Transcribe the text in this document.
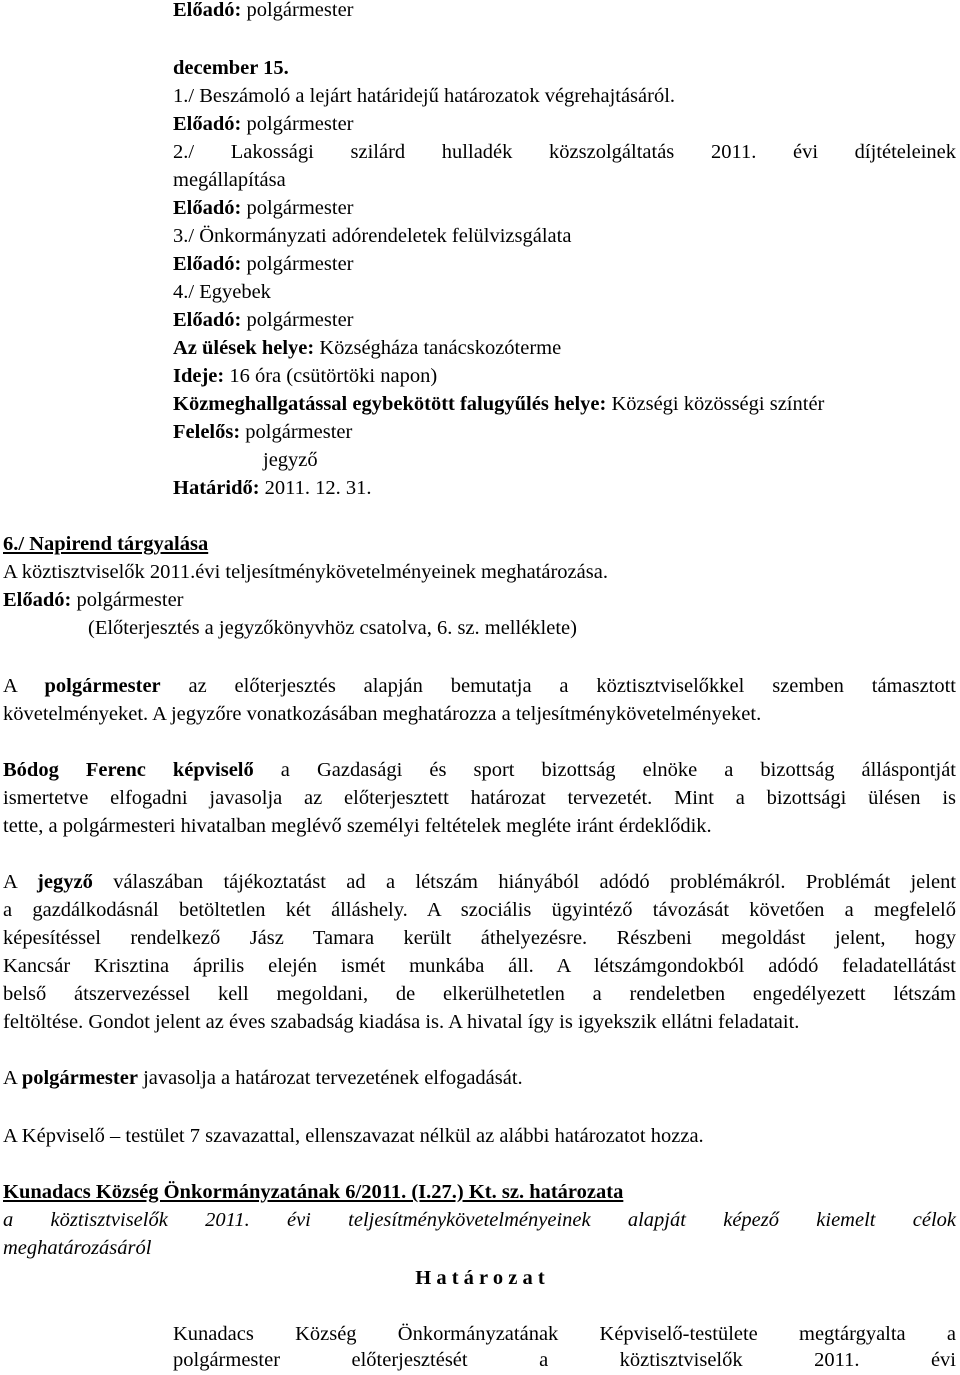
Előadó: polgármester
december 15.
1./ Beszámoló a lejárt határidejű határozatok végrehajtásáról.
Előadó: polgármester
2./ Lakossági szilárd hulladék közszolgáltatás 2011. évi díjtételeinek
megállapítása
Előadó: polgármester
3./ Önkormányzati adórendeletek felülvizsgálata
Előadó: polgármester
4./ Egyebek
Előadó: polgármester
Az ülések helye: Községháza tanácskozóterme
Ideje: 16 óra (csütörtöki napon)
Közmeghallgatással egybekötött falugyűlés helye: Községi közösségi színtér
Felelős: polgármester
jegyző
Határidő: 2011. 12. 31.
6./ Napirend tárgyalása
A köztisztviselők 2011.évi teljesítménykövetelményeinek meghatározása.
Előadó: polgármester
(Előterjesztés a jegyzőkönyvhöz csatolva, 6. sz. melléklete)
A polgármester az előterjesztés alapján bemutatja a köztisztviselőkkel szemben támasztott
követelményeket. A jegyzőre vonatkozásában meghatározza a teljesítménykövetelményeket.
Bódog Ferenc képviselő a Gazdasági és sport bizottság elnöke a bizottság álláspontját
ismertetve elfogadni javasolja az előterjesztett határozat tervezetét. Mint a bizottsági ülésen is
tette, a polgármesteri hivatalban meglévő személyi feltételek megléte iránt érdeklődik.
A jegyző válaszában tájékoztatást ad a létszám hiányából adódó problémákról. Problémát jelent
a gazdálkodásnál betöltetlen két álláshely. A szociális ügyintéző távozását követően a megfelelő
képesítéssel rendelkező Jász Tamara került áthelyezésre. Részbeni megoldást jelent, hogy
Kancsár Krisztina április elején ismét munkába áll. A létszámgondokból adódó feladatellátást
belső átszervezéssel kell megoldani, de elkerülhetetlen a rendeletben engedélyezett létszám
feltöltése. Gondot jelent az éves szabadság kiadása is. A hivatal így is igyekszik ellátni feladatait.
A polgármester javasolja a határozat tervezetének elfogadását.
A Képviselő – testület 7 szavazattal, ellenszavazat nélkül az alábbi határozatot hozza.
Kunadacs Község Önkormányzatának 6/2011. (I.27.) Kt. sz. határozata
a köztisztviselők 2011. évi teljesítménykövetelményeinek alapját képező kiemelt célok
meghatározásáról
H a t á r o z a t
Kunadacs Község Önkormányzatának Képviselő-testülete megtárgyalta a
polgármester előterjesztését a köztisztviselők 2011. évi
